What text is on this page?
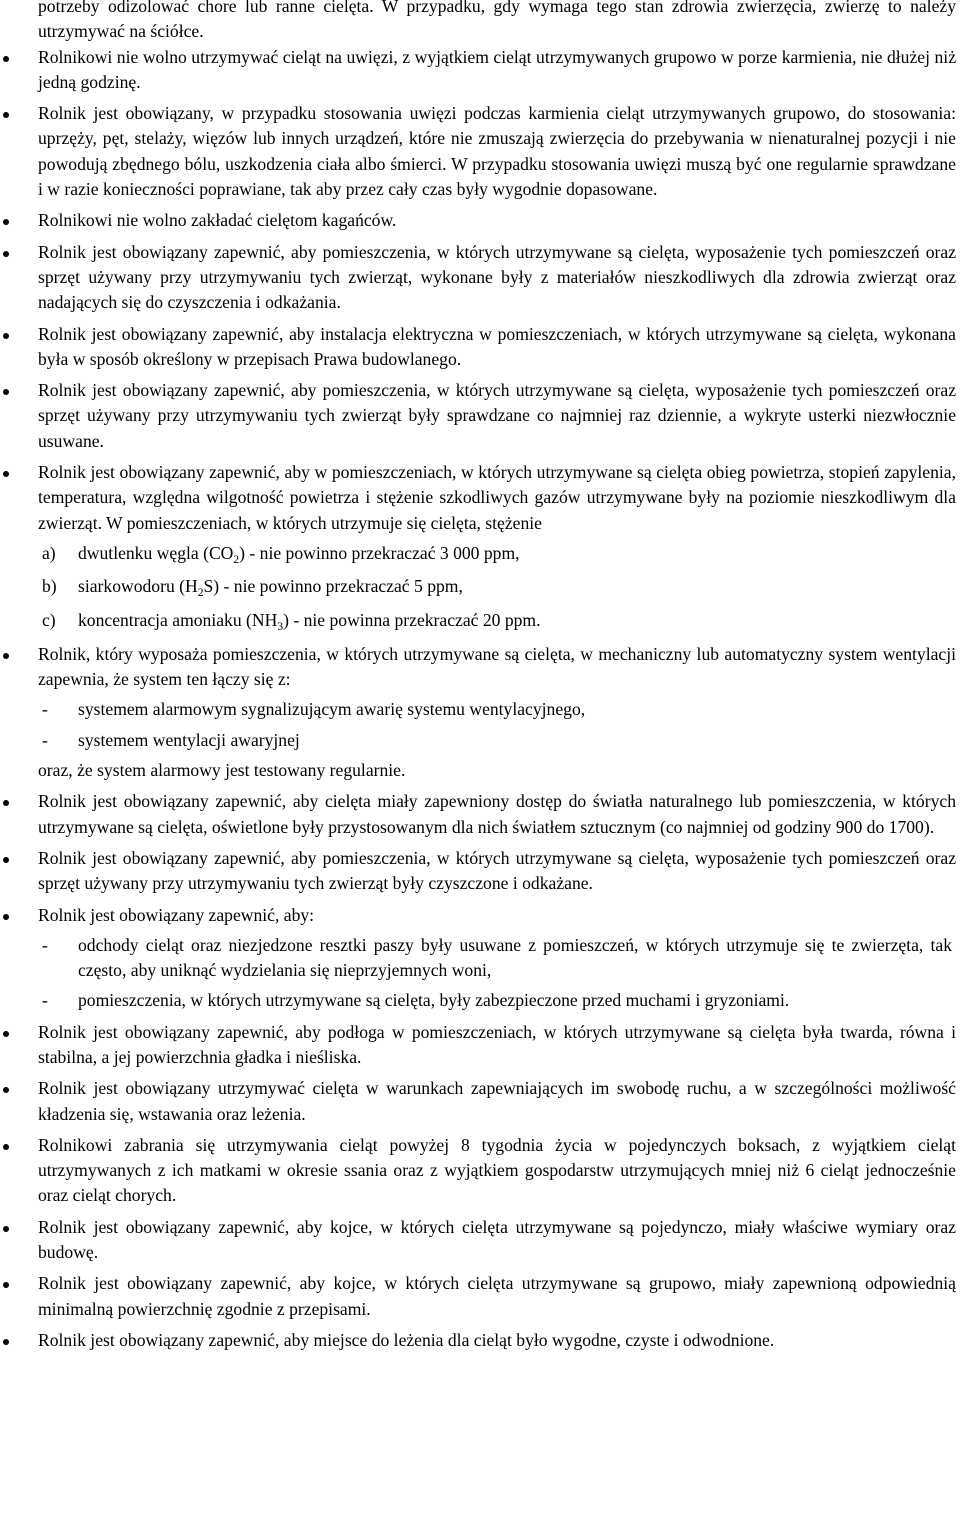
potrzeby odizolować chore lub ranne cielęta. W przypadku, gdy wymaga tego stan zdrowia zwierzęcia, zwierzę to należy utrzymywać na ściółce.
Rolnikowi nie wolno utrzymywać cieląt na uwięzi, z wyjątkiem cieląt utrzymywanych grupowo w porze karmienia, nie dłużej niż jedną godzinę.
Rolnik jest obowiązany, w przypadku stosowania uwięzi podczas karmienia cieląt utrzymywanych grupowo, do stosowania: uprzęży, pęt, stelaży, więzów lub innych urządzeń, które nie zmuszają zwierzęcia do przebywania w nienaturalnej pozycji i nie powodują zbędnego bólu, uszkodzenia ciała albo śmierci. W przypadku stosowania uwięzi muszą być one regularnie sprawdzane i w razie konieczności poprawiane, tak aby przez cały czas były wygodnie dopasowane.
Rolnikowi nie wolno zakładać cielętom kagańców.
Rolnik jest obowiązany zapewnić, aby pomieszczenia, w których utrzymywane są cielęta, wyposażenie tych pomieszczeń oraz sprzęt używany przy utrzymywaniu tych zwierząt, wykonane były z materiałów nieszkodliwych dla zdrowia zwierząt oraz nadających się do czyszczenia i odkażania.
Rolnik jest obowiązany zapewnić, aby instalacja elektryczna w pomieszczeniach, w których utrzymywane są cielęta, wykonana była w sposób określony w przepisach Prawa budowlanego.
Rolnik jest obowiązany zapewnić, aby pomieszczenia, w których utrzymywane są cielęta, wyposażenie tych pomieszczeń oraz sprzęt używany przy utrzymywaniu tych zwierząt były sprawdzane co najmniej raz dziennie, a wykryte usterki niezwłocznie usuwane.
Rolnik jest obowiązany zapewnić, aby w pomieszczeniach, w których utrzymywane są cielęta obieg powietrza, stopień zapylenia, temperatura, względna wilgotność powietrza i stężenie szkodliwych gazów utrzymywane były na poziomie nieszkodliwym dla zwierząt. W pomieszczeniach, w których utrzymuje się cielęta, stężenie
a) dwutlenku węgla $(CO_2)$ - nie powinno przekraczać 3 000 ppm,
b) siarkowodoru $(H_2S)$ - nie powinno przekraczać 5 ppm,
c) koncentracja amoniaku $(NH_3)$ - nie powinna przekraczać 20 ppm.
Rolnik, który wyposaża pomieszczenia, w których utrzymywane są cielęta, w mechaniczny lub automatyczny system wentylacji zapewnia, że system ten łączy się z:
- systemem alarmowym sygnalizującym awarię systemu wentylacyjnego,
- systemem wentylacji awaryjnej
oraz, że system alarmowy jest testowany regularnie.
Rolnik jest obowiązany zapewnić, aby cielęta miały zapewniony dostęp do światła naturalnego lub pomieszczenia, w których utrzymywane są cielęta, oświetlone były przystosowanym dla nich światłem sztucznym (co najmniej od godziny 900 do 1700).
Rolnik jest obowiązany zapewnić, aby pomieszczenia, w których utrzymywane są cielęta, wyposażenie tych pomieszczeń oraz sprzęt używany przy utrzymywaniu tych zwierząt były czyszczone i odkażane.
Rolnik jest obowiązany zapewnić, aby:
- odchody cieląt oraz niezjedzone resztki paszy były usuwane z pomieszczeń, w których utrzymuje się te zwierzęta, tak często, aby uniknąć wydzielania się nieprzyjemnych woni,
- pomieszczenia, w których utrzymywane są cielęta, były zabezpieczone przed muchami i gryzoniami.
Rolnik jest obowiązany zapewnić, aby podłoga w pomieszczeniach, w których utrzymywane są cielęta była twarda, równa i stabilna, a jej powierzchnia gładka i nieśliska.
Rolnik jest obowiązany utrzymywać cielęta w warunkach zapewniających im swobodę ruchu, a w szczególności możliwość kładzenia się, wstawania oraz leżenia.
Rolnikowi zabrania się utrzymywania cieląt powyżej 8 tygodnia życia w pojedynczych boksach, z wyjątkiem cieląt utrzymywanych z ich matkami w okresie ssania oraz z wyjątkiem gospodarstw utrzymujących mniej niż 6 cieląt jednocześnie oraz cieląt chorych.
Rolnik jest obowiązany zapewnić, aby kojce, w których cielęta utrzymywane są pojedynczo, miały właściwe wymiary oraz budowę.
Rolnik jest obowiązany zapewnić, aby kojce, w których cielęta utrzymywane są grupowo, miały zapewnioną odpowiednią minimalną powierzchnię zgodnie z przepisami.
Rolnik jest obowiązany zapewnić, aby miejsce do leżenia dla cieląt było wygodne, czyste i odwodnione.
